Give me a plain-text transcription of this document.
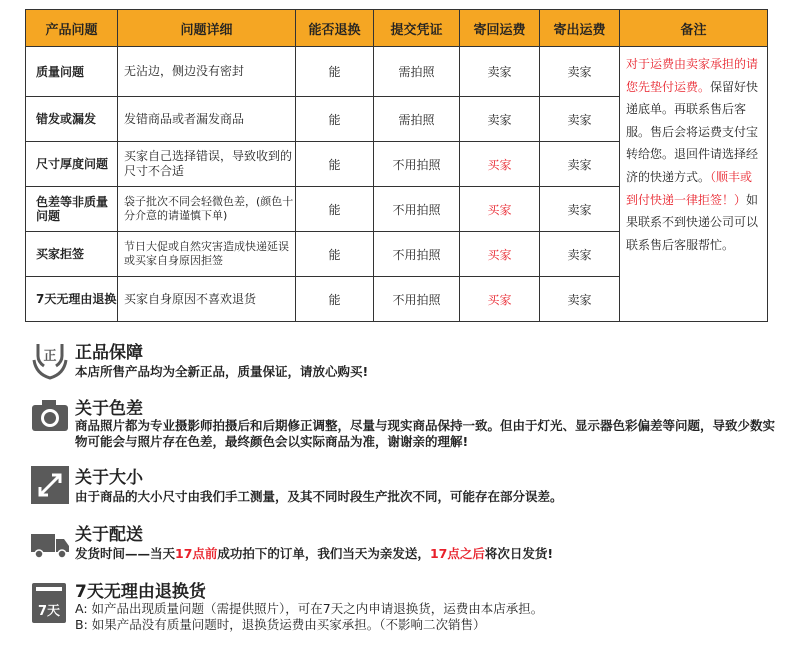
产品问题	问题详细	能否退换	提交凭证	寄回运费	寄出运费	备注
质量问题	无沾边，侧边没有密封	能	需拍照	卖家	卖家	对于运费由卖家承担的请您先垫付运费。保留好快递底单。再联系售后客服。售后会将运费支付宝转给您。退回件请选择经济的快递方式。（顺丰或到付快递一律拒签！）如果联系不到快递公司可以联系售后客服帮忙。
错发或漏发	发错商品或者漏发商品	能	需拍照	卖家	卖家	
尺寸厚度问题	买家自己选择错误，导致收到的尺寸不合适	能	不用拍照	买家	卖家	
色差等非质量问题	袋子批次不同会轻微色差，(颜色十分介意的请谨慎下单)	能	不用拍照	买家	卖家	
买家拒签	节日大促或自然灾害造成快递延误或买家自身原因拒签	能	不用拍照	买家	卖家	
7天无理由退换	买家自身原因不喜欢退货	能	不用拍照	买家	卖家	
正 正品保障
本店所售产品均为全新正品，质量保证，请放心购买!
关于色差
商品照片都为专业摄影师拍摄后和后期修正调整，尽量与现实商品保持一致。但由于灯光、显示器色彩偏差等问题，导致少数实物可能会与照片存在色差，最终颜色会以实际商品为准，谢谢亲的理解!
关于大小
由于商品的大小尺寸由我们手工测量，及其不同时段生产批次不同，可能存在部分误差。
关于配送
发货时间——当天17点前成功拍下的订单，我们当天为亲发送，17点之后将次日发货!
7天
7天无理由退换货
A: 如产品出现质量问题（需提供照片），可在7天之内申请退换货，运费由本店承担。
B: 如果产品没有质量问题时，退换货运费由买家承担。（不影响二次销售）
